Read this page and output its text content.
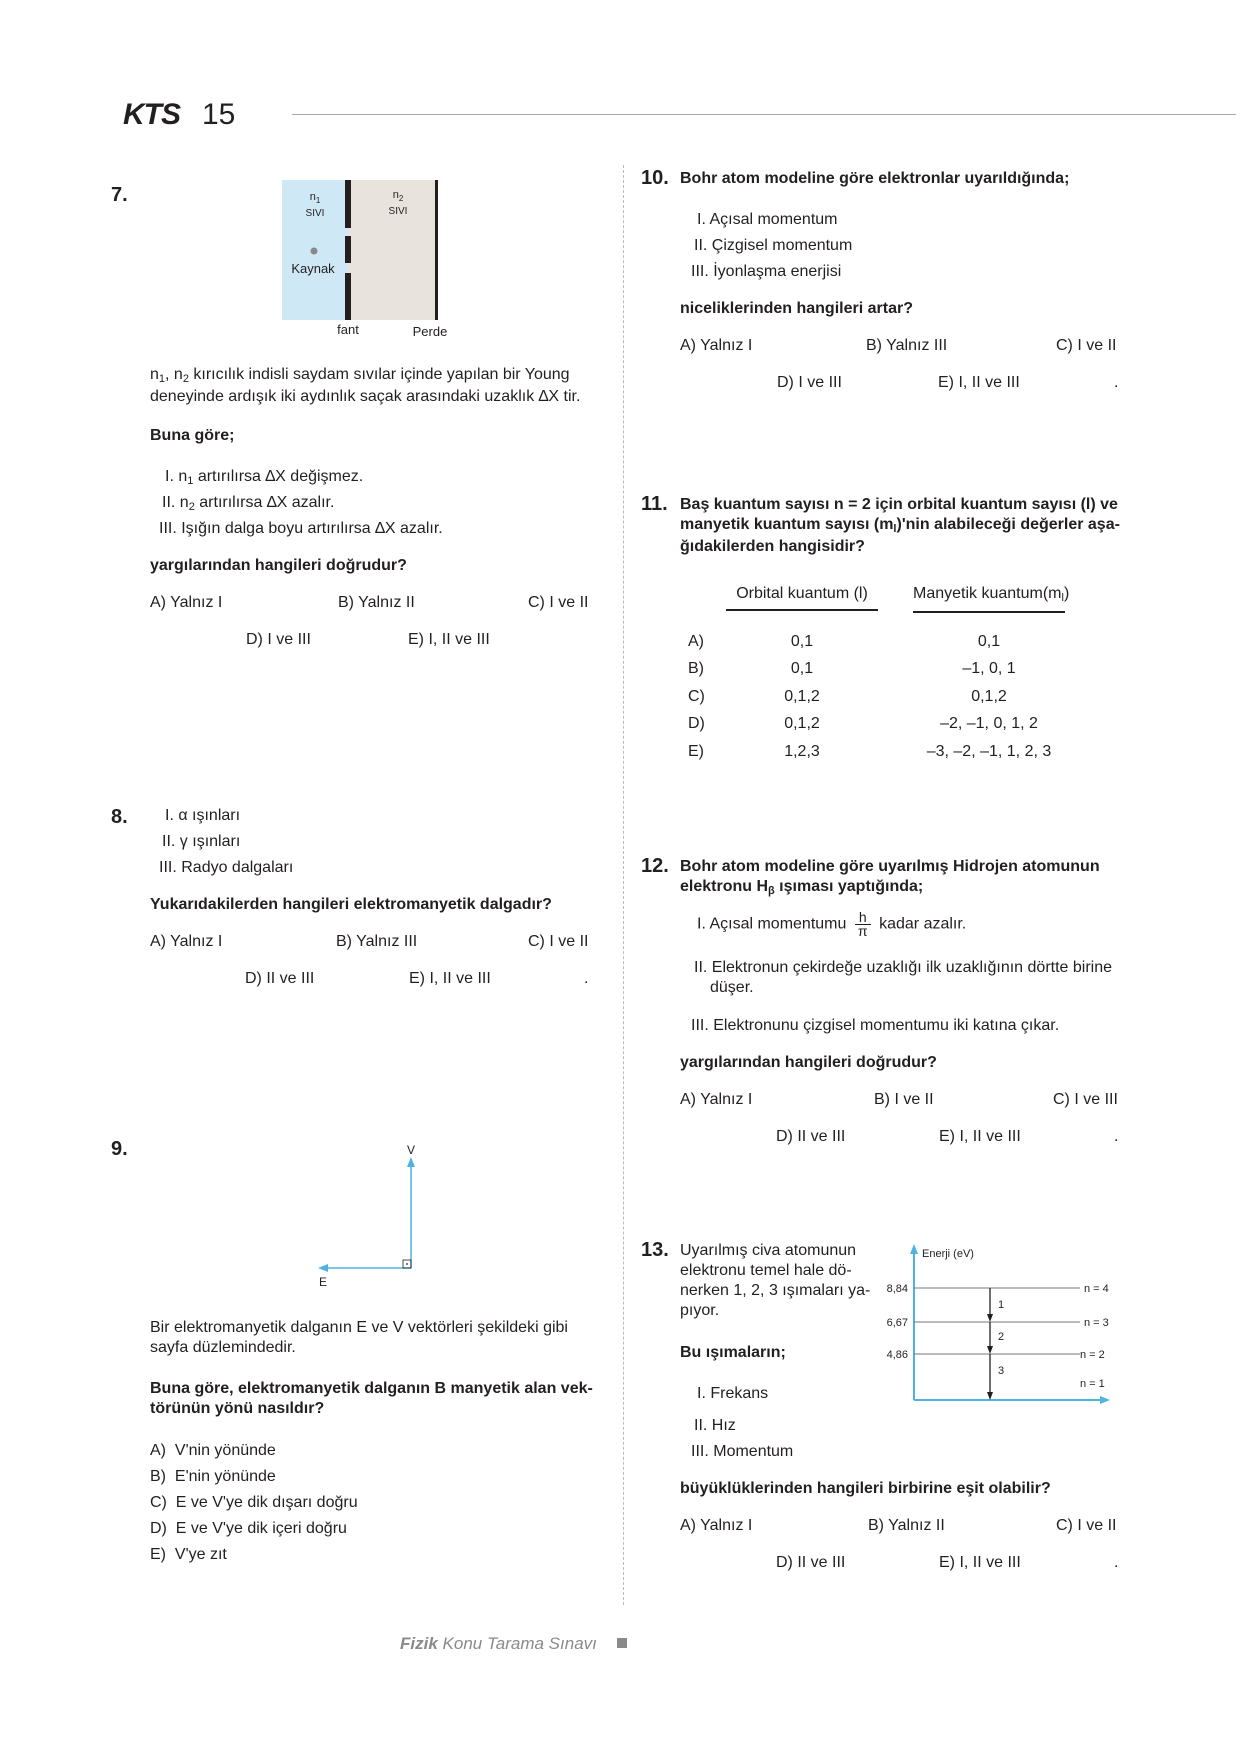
KTS 15
7.	$n_1$
SIVI
$n_2$
SIVI
Kaynak
fant	Perde
$n_1$, $n_2$ kırıcılık indisli saydam sıvılar içinde yapılan bir Young
deneyinde ardışık iki aydınlık saçak arasındaki uzaklık ∆X tir.
Buna göre;
I. $n_1$ artırılırsa ∆X değişmez.
II. $n_2$ artırılırsa ∆X azalır.
III. Işığın dalga boyu artırılırsa ∆X azalır.
yargılarından hangileri doğrudur?
A) Yalnız I	B) Yalnız II	C) I ve II
D) I ve III	E) I, II ve III
8. I. α ışınları
II. γ ışınları
III. Radyo dalgaları
Yukarıdakilerden hangileri elektromanyetik dalgadır?
A) Yalnız I	B) Yalnız III	C) I ve II
D) II ve III	E) I, II ve III	.
9.	V
E
Bir elektromanyetik dalganın E ve V vektörleri şekildeki gibi
sayfa düzlemindedir.
Buna göre, elektromanyetik dalganın B manyetik alan vek-
törünün yönü nasıldır?
A) V'nin yönünde
B) E'nin yönünde
C) E ve V'ye dik dışarı doğru
D) E ve V'ye dik içeri doğru
E) V'ye zıt
10. Bohr atom modeline göre elektronlar uyarıldığında;
I. Açısal momentum
II. Çizgisel momentum
III. İyonlaşma enerjisi
niceliklerinden hangileri artar?
A) Yalnız I	B) Yalnız III	C) I ve II
D) I ve III	E) I, II ve III	.
11. Baş kuantum sayısı n = 2 için orbital kuantum sayısı (l) ve
manyetik kuantum sayısı $(m_l)'nin$ alabileceği değerler aşa-
ğıdakilerden hangisidir?
Orbital kuantum (l)	Manyetik $kuantum(m_l)$
A)	0,1	0,1
B)	0,1	–1, 0, 1
C)	0,1,2	0,1,2
D)	0,1,2	–2, –1, 0, 1, 2
E)	1,2,3	–3, –2, –1, 1, 2, 3
12. Bohr atom modeline göre uyarılmış Hidrojen atomunun
elektronu $H_\beta$ ışıması yaptığında;
I. Açısal momentumu $\frac{h}{\pi}$ kadar azalır.
II. Elektronun çekirdeğe uzaklığı ilk uzaklığının dörtte birine
düşer.
III. Elektronunu çizgisel momentumu iki katına çıkar.
yargılarından hangileri doğrudur?
A) Yalnız I	B) I ve II	C) I ve III
D) II ve III	E) I, II ve III	.
13. Uyarılmış civa atomunun
elektronu temel hale dö-
nerken 1, 2, 3 ışımaları ya-
pıyor.
Enerji (eV)
8,84
6,67
4,86
n = 4
n = 3
n = 2
n = 1
1
2
3
Bu ışımaların;
I. Frekans
II. Hız
III. Momentum
büyüklüklerinden hangileri birbirine eşit olabilir?
A) Yalnız I	B) Yalnız II	C) I ve II
D) II ve III	E) I, II ve III	.
Fizik Konu Tarama Sınavı
